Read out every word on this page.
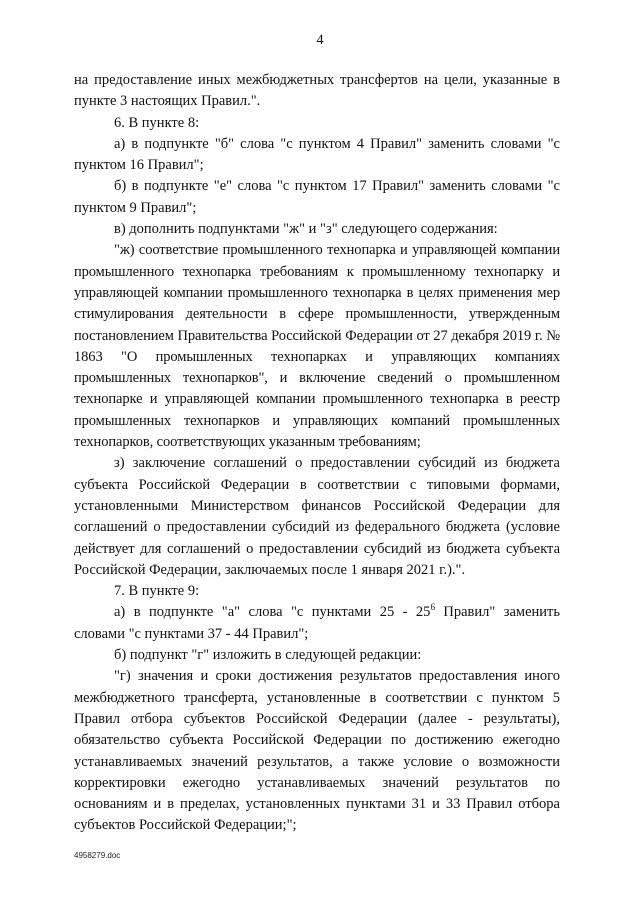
4

на предоставление иных межбюджетных трансфертов на цели, указанные в пункте 3 настоящих Правил.".

6. В пункте 8:

а) в подпункте "б" слова "с пунктом 4 Правил" заменить словами "с пунктом 16 Правил";

б) в подпункте "е" слова "с пунктом 17 Правил" заменить словами "с пунктом 9 Правил";

в) дополнить подпунктами "ж" и "з" следующего содержания:

"ж) соответствие промышленного технопарка и управляющей компании промышленного технопарка требованиям к промышленному технопарку и управляющей компании промышленного технопарка в целях применения мер стимулирования деятельности в сфере промышленности, утвержденным постановлением Правительства Российской Федерации от 27 декабря 2019 г. № 1863 "О промышленных технопарках и управляющих компаниях промышленных технопарков", и включение сведений о промышленном технопарке и управляющей компании промышленного технопарка в реестр промышленных технопарков и управляющих компаний промышленных технопарков, соответствующих указанным требованиям;

з) заключение соглашений о предоставлении субсидий из бюджета субъекта Российской Федерации в соответствии с типовыми формами, установленными Министерством финансов Российской Федерации для соглашений о предоставлении субсидий из федерального бюджета (условие действует для соглашений о предоставлении субсидий из бюджета субъекта Российской Федерации, заключаемых после 1 января 2021 г.).".

7. В пункте 9:

а) в подпункте "а" слова "с пунктами $25 - 25^6$ Правил" заменить словами "с пунктами 37 - 44 Правил";

б) подпункт "г" изложить в следующей редакции:

"г) значения и сроки достижения результатов предоставления иного межбюджетного трансферта, установленные в соответствии с пунктом 5 Правил отбора субъектов Российской Федерации (далее - результаты), обязательство субъекта Российской Федерации по достижению ежегодно устанавливаемых значений результатов, а также условие о возможности корректировки ежегодно устанавливаемых значений результатов по основаниям и в пределах, установленных пунктами 31 и 33 Правил отбора субъектов Российской Федерации;";

4958279.doc
